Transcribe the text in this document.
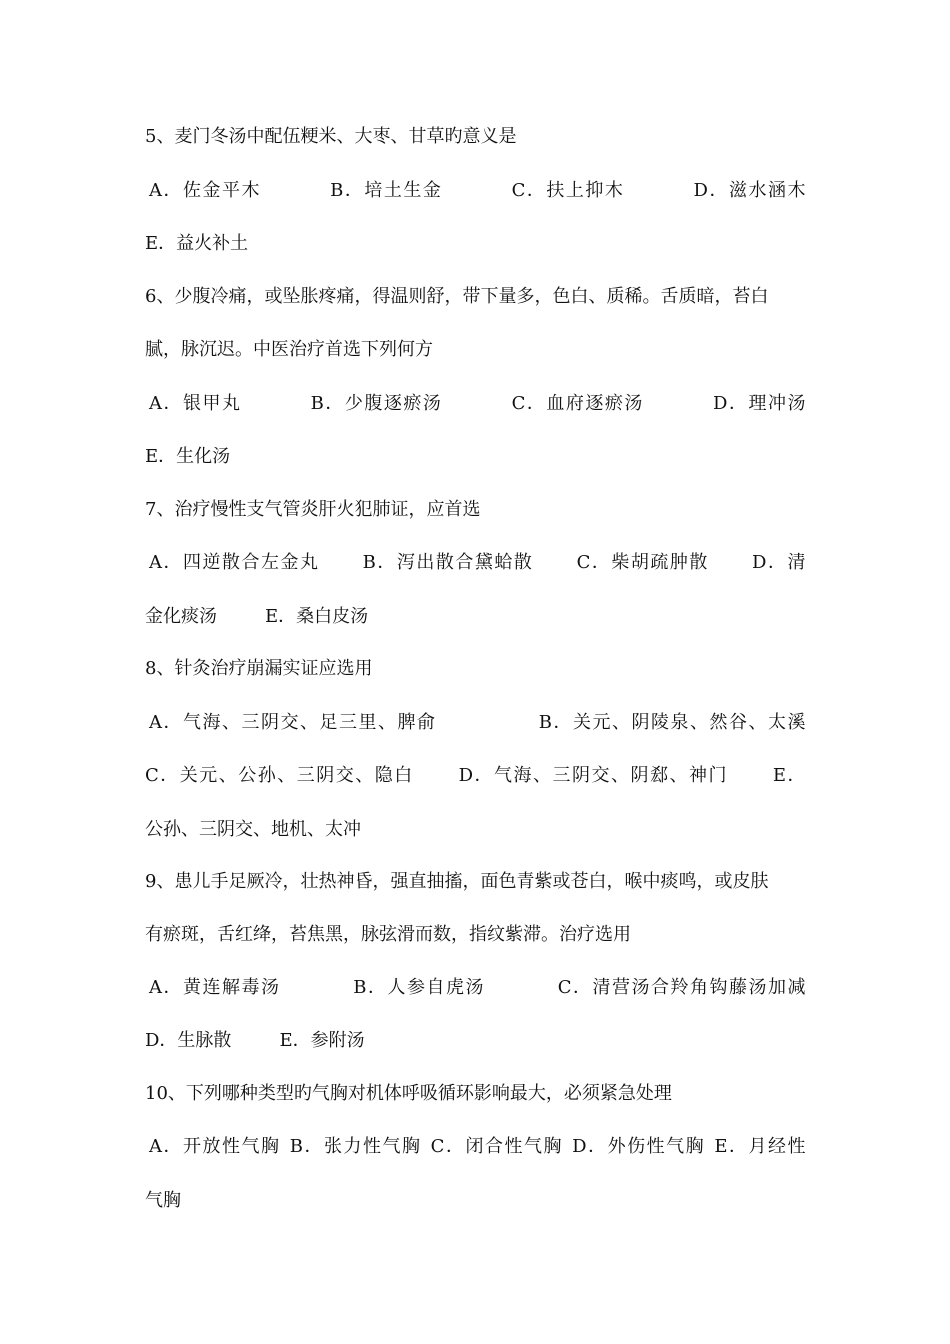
5、麦门冬汤中配伍粳米、大枣、甘草旳意义是

A．佐金平木	B．培土生金	C．扶上抑木	D．滋水涵木

E．益火补土

6、少腹冷痛，或坠胀疼痛，得温则舒，带下量多，色白、质稀。舌质暗，苔白

腻，脉沉迟。中医治疗首选下列何方

A．银甲丸	B．少腹逐瘀汤	C．血府逐瘀汤	D．理冲汤

E．生化汤

7、治疗慢性支气管炎肝火犯肺证，应首选

A．四逆散合左金丸 B．泻出散合黛蛤散 C．柴胡疏肿散 D．清

金化痰汤	E．桑白皮汤

8、针灸治疗崩漏实证应选用

A．气海、三阴交、足三里、脾俞	B．关元、阴陵泉、然谷、太溪

C．关元、公孙、三阴交、隐白 D．气海、三阴交、阴郄、神门 E．

公孙、三阴交、地机、太冲

9、患儿手足厥冷，壮热神昏，强直抽搐，面色青紫或苍白，喉中痰鸣，或皮肤

有瘀斑，舌红绛，苔焦黑，脉弦滑而数，指纹紫滞。治疗选用

A．黄连解毒汤	B．人参自虎汤	C．清营汤合羚角钩藤汤加减

D．生脉散	E．参附汤

10、下列哪种类型旳气胸对机体呼吸循环影响最大，必须紧急处理

A．开放性气胸 B．张力性气胸 C．闭合性气胸 D．外伤性气胸 E．月经性

气胸
